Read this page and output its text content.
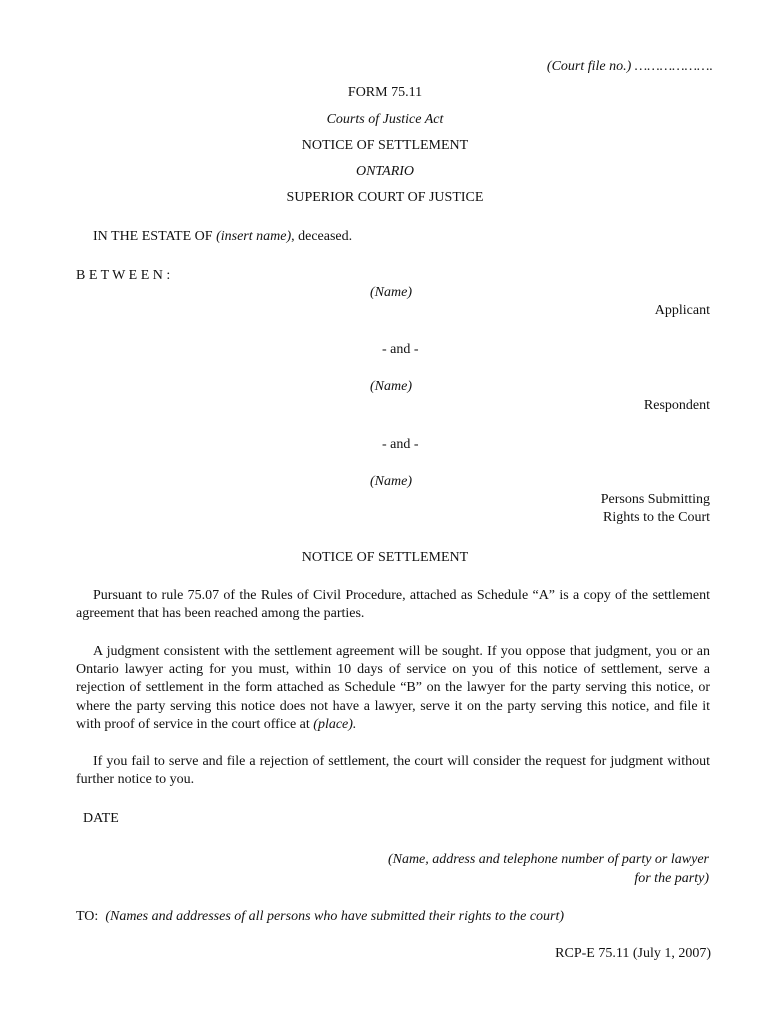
(Court file no.) ……………….
FORM 75.11
Courts of Justice Act
NOTICE OF SETTLEMENT
ONTARIO
SUPERIOR COURT OF JUSTICE
IN THE ESTATE OF (insert name), deceased.
B E T W E E N :
(Name)
Applicant
- and -
(Name)
Respondent
- and -
(Name)
Persons Submitting
Rights to the Court
NOTICE OF SETTLEMENT
Pursuant to rule 75.07 of the Rules of Civil Procedure, attached as Schedule “A” is a copy of the settlement agreement that has been reached among the parties.
A judgment consistent with the settlement agreement will be sought. If you oppose that judgment, you or an Ontario lawyer acting for you must, within 10 days of service on you of this notice of settlement, serve a rejection of settlement in the form attached as Schedule “B” on the lawyer for the party serving this notice, or where the party serving this notice does not have a lawyer, serve it on the party serving this notice, and file it with proof of service in the court office at (place).
If you fail to serve and file a rejection of settlement, the court will consider the request for judgment without further notice to you.
DATE
(Name, address and telephone number of party or lawyer
for the party)
TO: (Names and addresses of all persons who have submitted their rights to the court)
RCP-E 75.11 (July 1, 2007)
